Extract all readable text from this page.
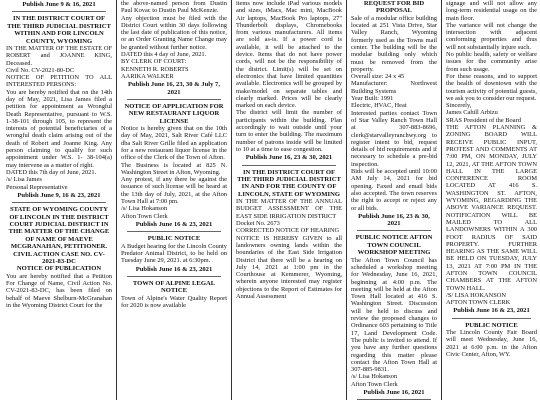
Publish June 9 & 16, 2021

IN THE DISTRICT COURT OF THE THIRD JUDICIAL DISTRICT WITHIN AND FOR LINCOLN COUNTY, WYOMING

IN THE MATTER OF THE ESTATE OF ROBERT and JOANNE KING, Deceased.

Civil No. CV-2021-80-DC

NOTICE OF PETITION TO ALL INTERESTED PERSONS:

You are hereby notified that on the 14th day of May, 2021, Lisa James filed a petition for appointment as Wrongful Death Representative, pursuant to W.S. 1-38-101 through 105, to represent the interests of potential beneficiaries of a wrongful death claim arising out of the death of Robert and Joanne King. Any person claiming to qualify for such appointment under W.S. 1- 38-104(a) may intervene as a matter of right.

DATED this 7th day of June, 2021.

/s/ Lisa James

Personal Representative

Publish June 9, 16 & 23, 2021

STATE OF WYOMING COUNTY OF LINCOLN IN THE DISTRICT COURT JUDICIAL DISTRICT IN THE MATTER OF THE CHANGE OF NAME OF MAEVE MCGRANAHAN, PETITIONER. CIVIL ACTION CASE NO. CV-2021-83-DC

NOTICE OF PUBLICATION

You are hereby notified that a Petition For Change of Name, Civil Action No. CV-2021-83-DC, has been filed on behalf of Maeve Shelburn-McGranahan in the Wyoming District Court for the

the above-named person from Dustin Paul Kovac to Dustin Paul McKenzie.

Any objection must be filed with the District Court within 30 days following the last date of publication of this notice, or an Order Granting Name Change may be granted without further notice.

DATED this 4 day of June, 2021.

BY CLERK OF COURT:

KENNETH R. ROBERTS

AARIKA WALKER

Publish June 16, 23, 30 & July 7, 2021

NOTICE OF APPLICATION FOR NEW RESTAURANT LIQUOR LICENSE

Notice is hereby given that on the 10th day of May, 2021, Salt River Café LLC dba Salt River Grille filed an application for a new restaurant liquor license in the office of the Clerk of the Town of Afton.

The Business is located at 825 N. Washington Street in Afton, Wyoming.

Any protest, if any there be against the issuance of such license will be heard at the 13th day of July, 2021, at the Afton Town Hall at 7:00 pm.

/s/ Lisa Hokanson

Afton Town Clerk

Publish June 16 & 23, 2021

PUBLIC NOTICE

A Budget hearing for the Lincoln County Predator Animal District, to be held on Tuesday June 29, 2021. at 6:30pm.

Publish June 16 & 23, 2021

TOWN OF ALPINE LEGAL NOTICE

Town of Alpine's Water Quality Report for 2020 is now available

items now include iPad various models and sizes, iMacs, Mac mini, MacBook Air laptops, MacBook Pro laptops, 27" Thunderbolt displays, Chromebooks from various manufacturers. All items are sold as-is. If a power cord is available, it will be attached to the device. Items that do not have power cords, will not be the responsibility of the district. Limit(s) will be set on electronics that have limited quantities available. Electronics will be grouped by make/model on separate tables and clearly marked. Prices will be clearly marked on each device.

The district will limit the number of participants within the building. Plan accordingly to wait outside until your turn to enter the building. The maximum number of patrons inside will be limited to 10 at a time to ease congestion.

Publish June 16, 23 & 30, 2021

IN THE DISTRICT COURT OF THE THIRD JUDICIAL DISTRICT IN AND FOR THE COUNTY OF LINCOLN, STATE OF WYOMING

IN THE MATTER OF THE ANNUAL BUDGET ASSESSMENT OF THE EAST SIDE IRRIGATION DISTRICT

Docket No. 2673

CORRECTED NOTICE OF HEARING

NOTICE IS HEREBY GIVEN to all landowners owning lands within the boundaries of the East Side Irrigation District that there will be a hearing on July 14, 2021 at 1:00 pm in the Courthouse at Kemmerer, Wyoming, wherein anyone interested may register objections to the Report of Estimates for Annual Assessment

REQUEST FOR BID PROPOSAL

Sale of a modular office building located at 251 Vista Drive, Star Valley Ranch, Wyoming formerly used as the Towns mail center. The building will be the modular building only which must be removed from the property.

Overall size: 24 x 45

Manufacturer: Northwest Building Systems

Year Built: 1991

Electric, HVAC, Heat

Interested parties contact Town of Star Valley Ranch Town Hall at 307-883-8696, clerk@starvalleyranchwy.org to register intent to bid, request details of bid requirements and if necessary to schedule a pre-bid inspection.

Bids will be accepted until 10:00 AM July 14, 2021 for bid opening. Faxed and email bids also accepted. The town reserves the right to accept or reject any or all bids.

Publish June 16, 23 & 30, 2021

PUBLIC NOTICE AFTON TOWN COUNCIL WORKSHOP MEETING

The Afton Town Council has scheduled a workshop meeting for Wednesday, June 16, 2021, beginning at 4:00 p.m. The meeting will be held at the Afton Town Hall located at 416 S. Washington Street. Discussion will be held to discuss and review the proposed changes to Ordinance 603 pertaining to Title 17, Land Development Code. The public is invited to attend. If you have any further questions regarding this matter please contact the Afton Town Hall at 307-885-9831.

/s/ Lisa Hokanson

Afton Town Clerk

Publish June 16, 2021

signage and will not allow any long-term residential usage on the main floor.

The variance will not change the intersection with adjacent conforming properties and thus will not substantially injure such.

No public health, safety or welfare issues for the community arise from such usage.

For these reasons, and to support the health of downtown with the tourism activity of potential guests, we ask you to consider our request.

Sincerely,

James Cahill Arbizu

SRAS President of the Board

THE AFTON PLANNING & ZONING BOARD WILL RECEIVE PUBLIC INPUT, PROTEST AND COMMENTS AT 7:00 PM, ON MONDAY, JULY 12, 2021, AT THE AFTON TOWN HALL IN THE LARGE CONFERENCE ROOM LOCATED AT 416 S. WASHINGTON ST. AFTON, WYOMING, REGARDING THE ABOVE VARIANCE REQUEST. NOTIFICATION WILL BE MAILED TO ALL LANDOWNERS WITHIN A 300 FOOT RADIUS OF SAID PROPERTY. FURTHER HEARING AS THE SAME WILL BE HELD ON TUESDAY, JULY 13, 2021 AT 7:00 PM IN THE AFTON TOWN COUNCIL CHAMBERS AT THE AFTON TOWN HALL.

/S/ LISA HOKANSON

AFTON TOWN CLERK

Publish June 16 & 23, 2021

PUBLIC NOTICE

The Lincoln County Fair Board will meet Wednesday, June 16, 2021 at 6:00 p.m. in the Afton Civic Center, Afton, WY.
